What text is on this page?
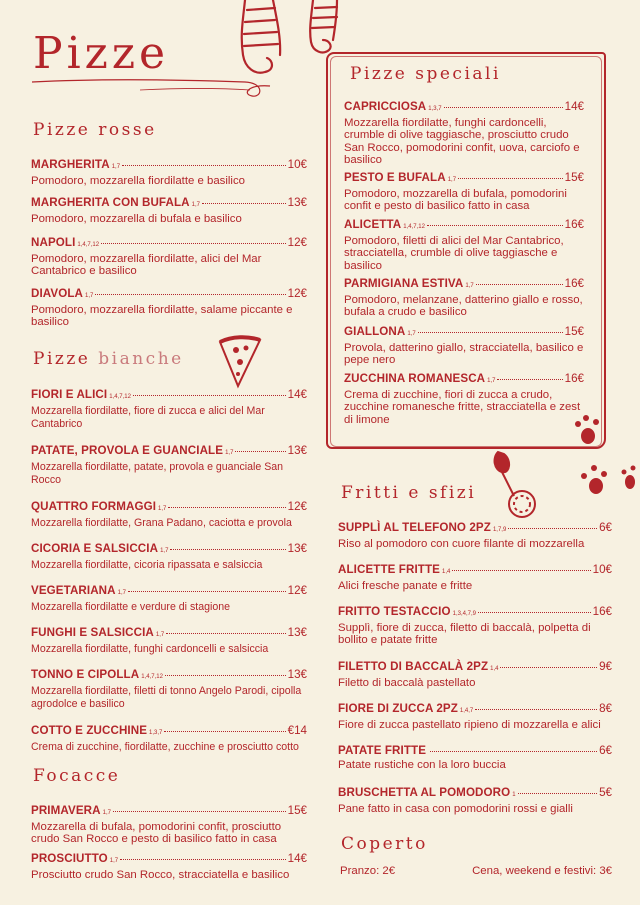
Pizze
Pizze rosse
Pizze bianche
Focacce
Pizze speciali
Fritti e sfizi
Coperto
Pranzo: 2€	Cena, weekend e festivi: 3€
MARGHERITA 1,7	10€
Pomodoro, mozzarella fiordilatte e basilico
MARGHERITA CON BUFALA 1,7	13€
Pomodoro, mozzarella di bufala e basilico
NAPOLI 1,4,7,12	12€
Pomodoro, mozzarella fiordilatte, alici del Mar Cantabrico e basilico
DIAVOLA 1,7	12€
Pomodoro, mozzarella fiordilatte, salame piccante e basilico
FIORI E ALICI 1,4,7,12	14€
Mozzarella fiordilatte, fiore di zucca e alici del Mar Cantabrico
PATATE, PROVOLA E GUANCIALE 1,7	13€
Mozzarella fiordilatte, patate, provola e guanciale San Rocco
QUATTRO FORMAGGI 1,7	12€
Mozzarella fiordilatte, Grana Padano, caciotta e provola
CICORIA E SALSICCIA 1,7	13€
Mozzarella fiordilatte, cicoria ripassata e salsiccia
VEGETARIANA 1,7	12€
Mozzarella fiordilatte e verdure di stagione
FUNGHI E SALSICCIA 1,7	13€
Mozzarella fiordilatte, funghi cardoncelli e salsiccia
TONNO E CIPOLLA 1,4,7,12	13€
Mozzarella fiordilatte, filetti di tonno Angelo Parodi, cipolla agrodolce e basilico
COTTO E ZUCCHINE 1,3,7	€14
Crema di zucchine, fiordilatte, zucchine e prosciutto cotto
PRIMAVERA 1,7	15€
Mozzarella di bufala, pomodorini confit, prosciutto crudo San Rocco e pesto di basilico fatto in casa
PROSCIUTTO 1,7	14€
Prosciutto crudo San Rocco, stracciatella e basilico
CAPRICCIOSA 1,3,7	14€
Mozzarella fiordilatte, funghi cardoncelli, crumble di olive taggiasche, prosciutto crudo San Rocco, pomodorini confit, uova, carciofo e basilico
PESTO E BUFALA 1,7	15€
Pomodoro, mozzarella di bufala, pomodorini confit e pesto di basilico fatto in casa
ALICETTA 1,4,7,12	16€
Pomodoro, filetti di alici del Mar Cantabrico, stracciatella, crumble di olive taggiasche e basilico
PARMIGIANA ESTIVA 1,7	16€
Pomodoro, melanzane, datterino giallo e rosso, bufala a crudo e basilico
GIALLONA 1,7	15€
Provola, datterino giallo, stracciatella, basilico e pepe nero
ZUCCHINA ROMANESCA 1,7	16€
Crema di zucchine, fiori di zucca a crudo, zucchine romanesche fritte, stracciatella e zest di limone
SUPPLÌ AL TELEFONO 2PZ 1,7,9	6€
Riso al pomodoro con cuore filante di mozzarella
ALICETTE FRITTE 1,4	10€
Alici fresche panate e fritte
FRITTO TESTACCIO 1,3,4,7,9	16€
Supplì, fiore di zucca, filetto di baccalà, polpetta di bollito e patate fritte
FILETTO DI BACCALÀ 2PZ 1,4	9€
Filetto di baccalà pastellato
FIORE DI ZUCCA 2PZ 1,4,7	8€
Fiore di zucca pastellato ripieno di mozzarella e alici
PATATE FRITTE	6€
Patate rustiche con la loro buccia
BRUSCHETTA AL POMODORO 1	5€
Pane fatto in casa con pomodorini rossi e gialli
